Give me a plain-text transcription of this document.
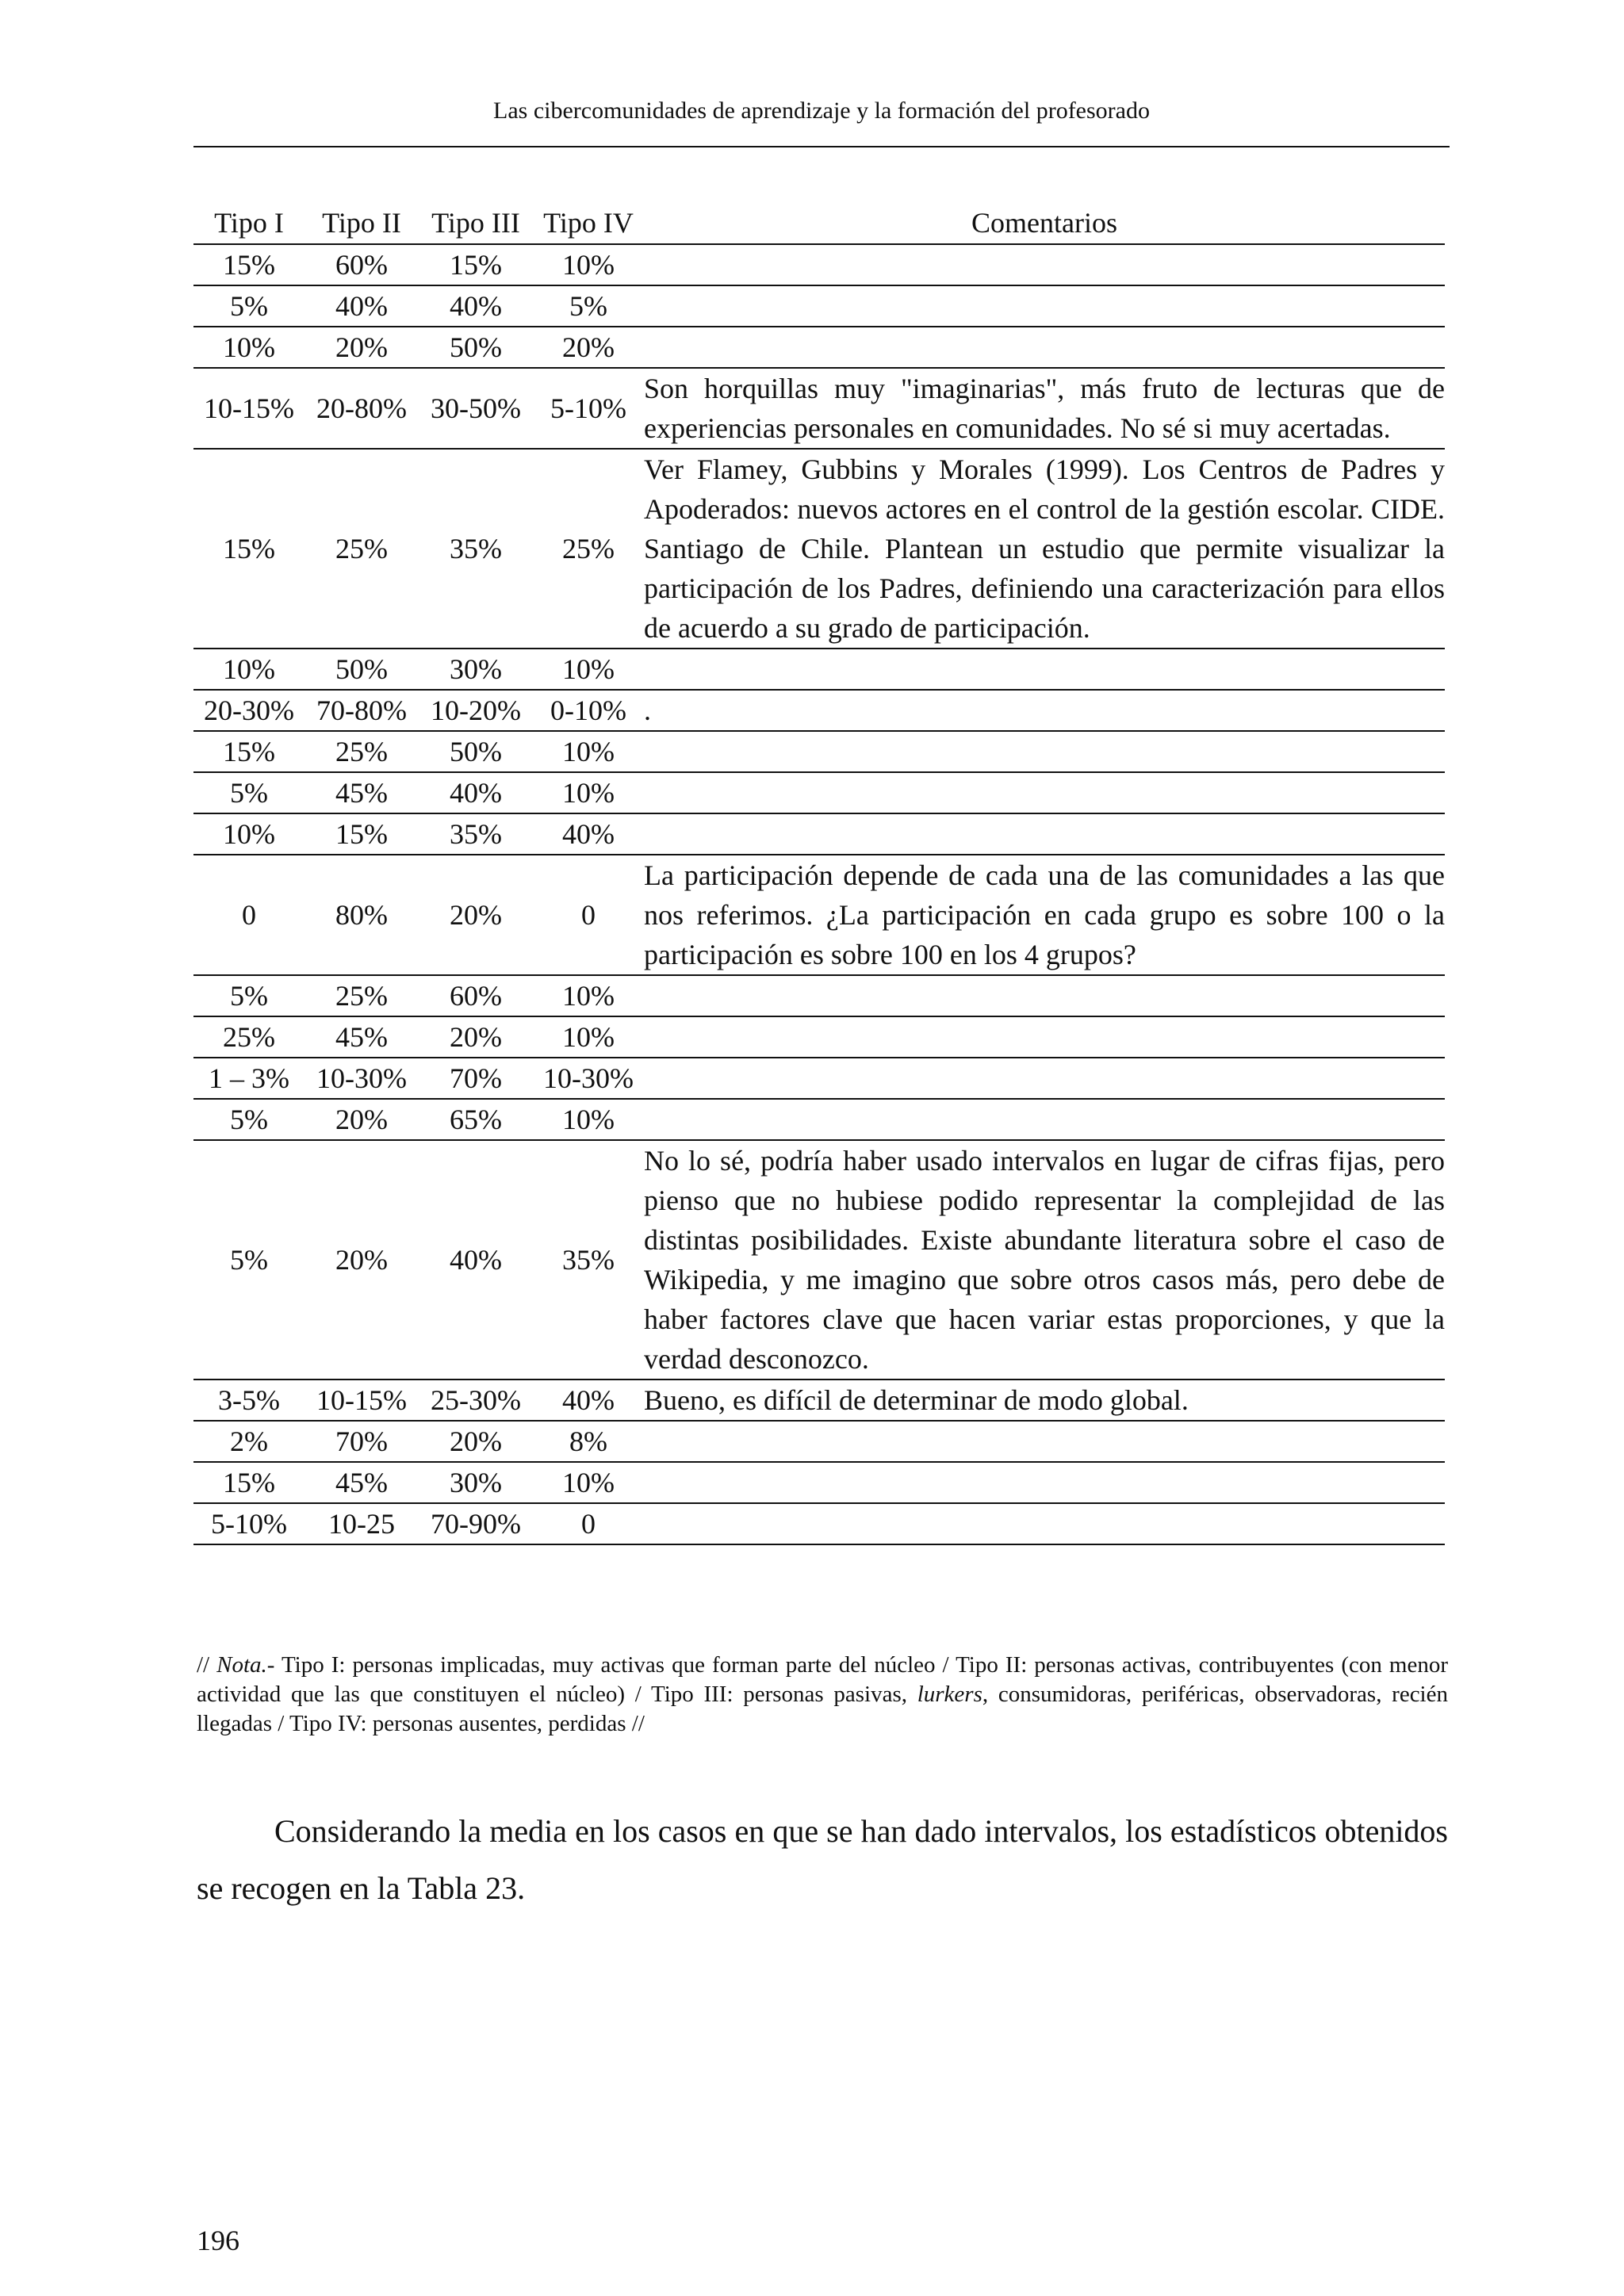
Las cibercomunidades de aprendizaje y la formación del profesorado
Tipo I	Tipo II	Tipo III	Tipo IV	Comentarios
15%	60%	15%	10%	
5%	40%	40%	5%	
10%	20%	50%	20%	
10-15%	20-80%	30-50%	5-10%	Son horquillas muy "imaginarias", más fruto de lecturas que de experiencias personales en comunidades. No sé si muy acertadas.
15%	25%	35%	25%	Ver Flamey, Gubbins y Morales (1999). Los Centros de Padres y Apoderados: nuevos actores en el control de la gestión escolar. CIDE. Santiago de Chile. Plantean un estudio que permite visualizar la participación de los Padres, definiendo una caracterización para ellos de acuerdo a su grado de participación.
10%	50%	30%	10%	
20-30%	70-80%	10-20%	0-10%	.
15%	25%	50%	10%	
5%	45%	40%	10%	
10%	15%	35%	40%	
0	80%	20%	0	La participación depende de cada una de las comunidades a las que nos referimos. ¿La participación en cada grupo es sobre 100 o la participación es sobre 100 en los 4 grupos?
5%	25%	60%	10%	
25%	45%	20%	10%	
1 – 3%	10-30%	70%	10-30%	
5%	20%	65%	10%	
5%	20%	40%	35%	No lo sé, podría haber usado intervalos en lugar de cifras fijas, pero pienso que no hubiese podido representar la complejidad de las distintas posibilidades. Existe abundante literatura sobre el caso de Wikipedia, y me imagino que sobre otros casos más, pero debe de haber factores clave que hacen variar estas proporciones, y que la verdad desconozco.
3-5%	10-15%	25-30%	40%	Bueno, es difícil de determinar de modo global.
2%	70%	20%	8%	
15%	45%	30%	10%	
5-10%	10-25	70-90%	0	
// Nota.- Tipo I: personas implicadas, muy activas que forman parte del núcleo / Tipo II: personas activas, contribuyentes (con menor actividad que las que constituyen el núcleo) / Tipo III: personas pasivas, lurkers, consumidoras, periféricas, observadoras, recién llegadas / Tipo IV: personas ausentes, perdidas //
Considerando la media en los casos en que se han dado intervalos, los estadísticos obtenidos se recogen en la Tabla 23.
196
